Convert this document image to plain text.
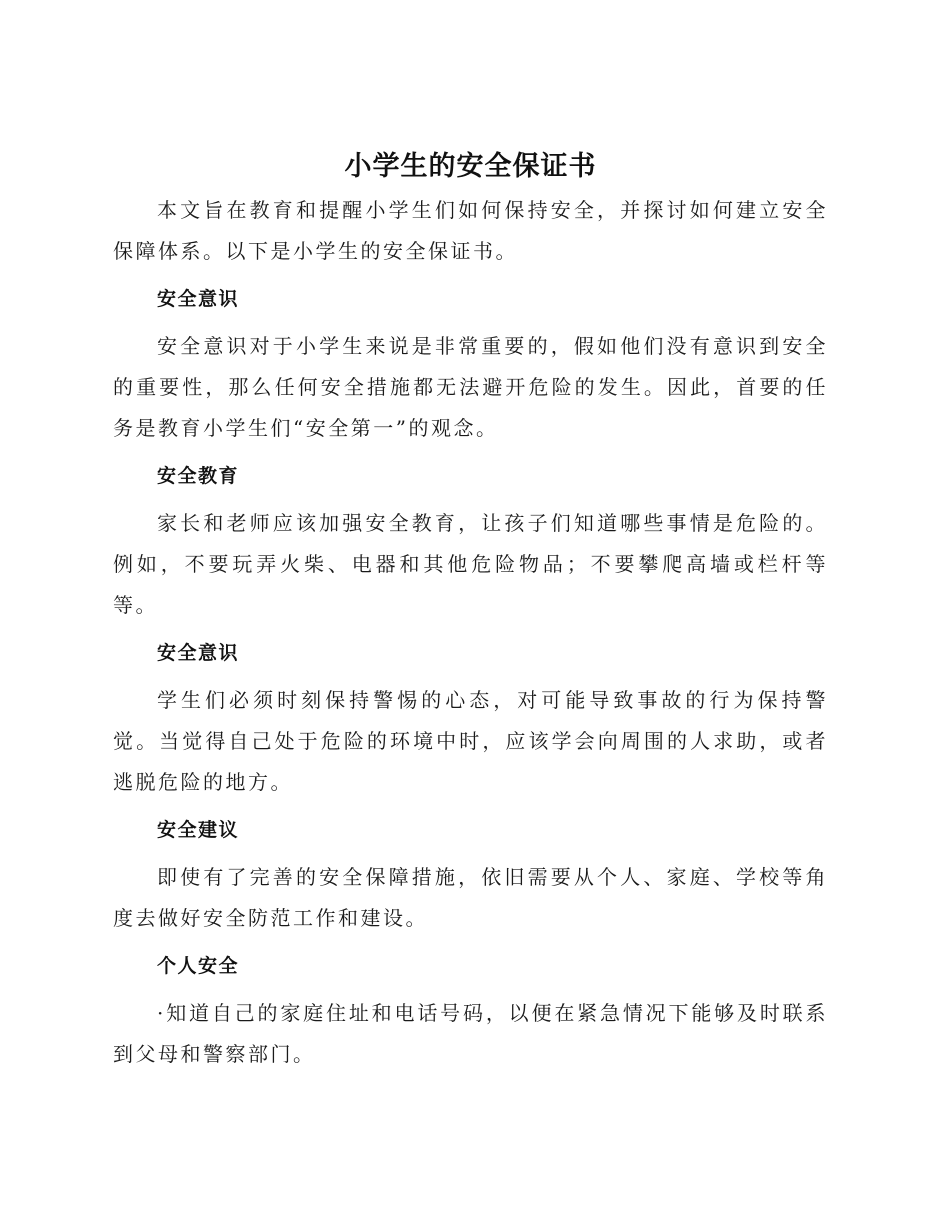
小学生的安全保证书

本文旨在教育和提醒小学生们如何保持安全，并探讨如何建立安全保障体系。以下是小学生的安全保证书。

安全意识

安全意识对于小学生来说是非常重要的，假如他们没有意识到安全的重要性，那么任何安全措施都无法避开危险的发生。因此，首要的任务是教育小学生们“安全第一”的观念。

安全教育

家长和老师应该加强安全教育，让孩子们知道哪些事情是危险的。例如，不要玩弄火柴、电器和其他危险物品；不要攀爬高墙或栏杆等等。

安全意识

学生们必须时刻保持警惕的心态，对可能导致事故的行为保持警觉。当觉得自己处于危险的环境中时，应该学会向周围的人求助，或者逃脱危险的地方。

安全建议

即使有了完善的安全保障措施，依旧需要从个人、家庭、学校等角度去做好安全防范工作和建设。

个人安全

·知道自己的家庭住址和电话号码，以便在紧急情况下能够及时联系到父母和警察部门。
